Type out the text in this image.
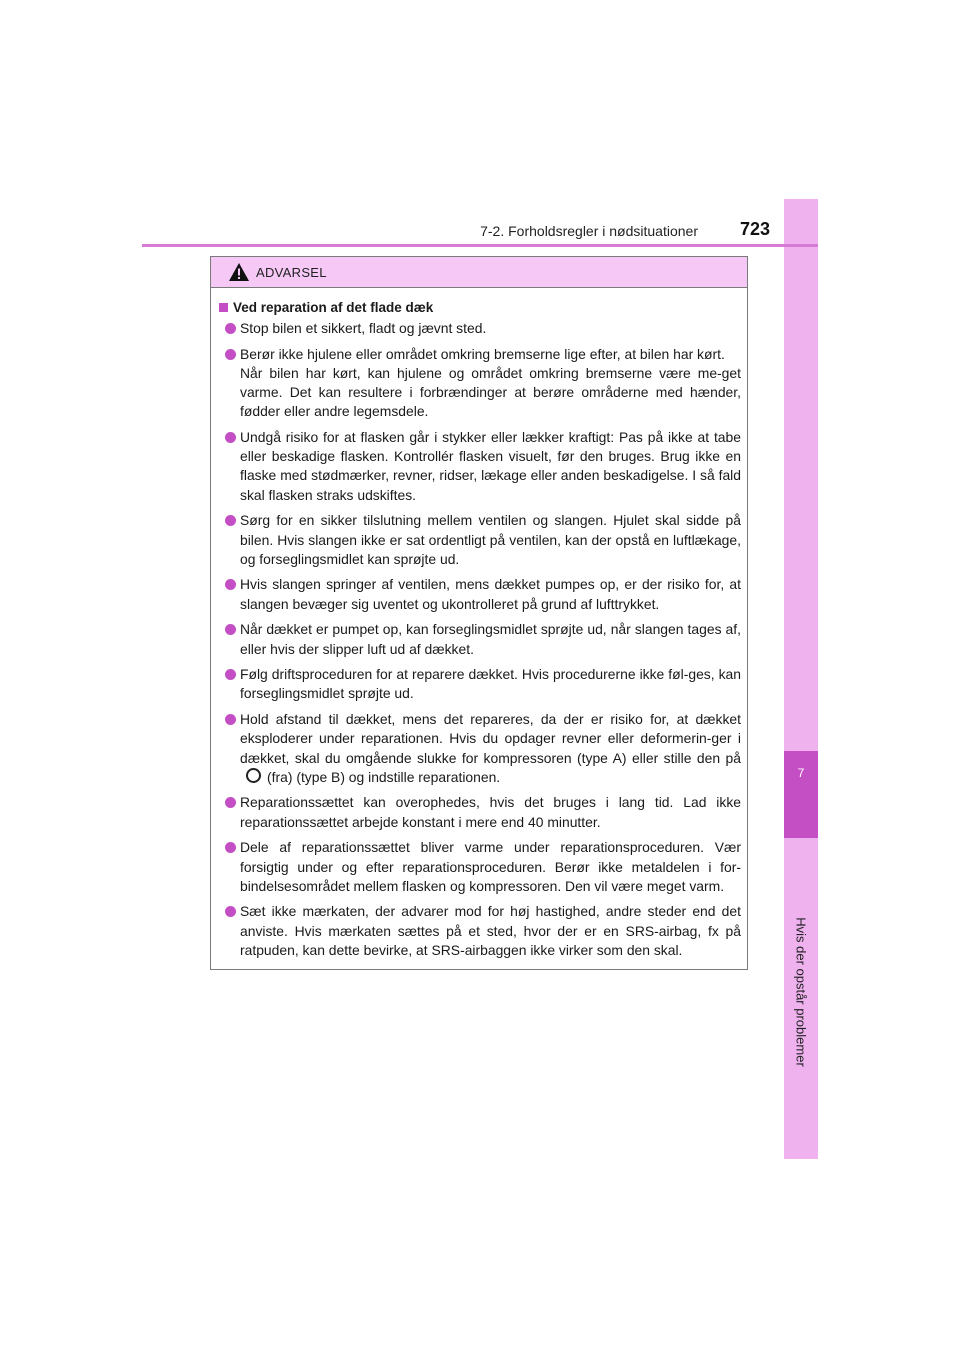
7
Hvis der opstår problemer
7-2. Forholdsregler i nødsituationer 723
ADVARSEL
Ved reparation af det flade dæk
Stop bilen et sikkert, fladt og jævnt sted.
Berør ikke hjulene eller området omkring bremserne lige efter, at bilen har kørt.
Når bilen har kørt, kan hjulene og området omkring bremserne være me-get varme. Det kan resultere i forbrændinger at berøre områderne med hænder, fødder eller andre legemsdele.
Undgå risiko for at flasken går i stykker eller lækker kraftigt: Pas på ikke at tabe eller beskadige flasken. Kontrollér flasken visuelt, før den bruges. Brug ikke en flaske med stødmærker, revner, ridser, lækage eller anden beskadigelse. I så fald skal flasken straks udskiftes.
Sørg for en sikker tilslutning mellem ventilen og slangen. Hjulet skal sidde på bilen. Hvis slangen ikke er sat ordentligt på ventilen, kan der opstå en luftlækage, og forseglingsmidlet kan sprøjte ud.
Hvis slangen springer af ventilen, mens dækket pumpes op, er der risiko for, at slangen bevæger sig uventet og ukontrolleret på grund af lufttrykket.
Når dækket er pumpet op, kan forseglingsmidlet sprøjte ud, når slangen tages af, eller hvis der slipper luft ud af dækket.
Følg driftsproceduren for at reparere dækket. Hvis procedurerne ikke føl-ges, kan forseglingsmidlet sprøjte ud.
Hold afstand til dækket, mens det repareres, da der er risiko for, at dækket eksploderer under reparationen. Hvis du opdager revner eller deformerin-ger i dækket, skal du omgående slukke for kompressoren (type A) eller stille den på(fra) (type B) og indstille reparationen.
Reparationssættet kan overophedes, hvis det bruges i lang tid. Lad ikke reparationssættet arbejde konstant i mere end 40 minutter.
Dele af reparationssættet bliver varme under reparationsproceduren. Vær forsigtig under og efter reparationsproceduren. Berør ikke metaldelen i for-bindelsesområdet mellem flasken og kompressoren. Den vil være meget varm.
Sæt ikke mærkaten, der advarer mod for høj hastighed, andre steder end det anviste. Hvis mærkaten sættes på et sted, hvor der er en SRS-airbag, fx på ratpuden, kan dette bevirke, at SRS-airbaggen ikke virker som den skal.
